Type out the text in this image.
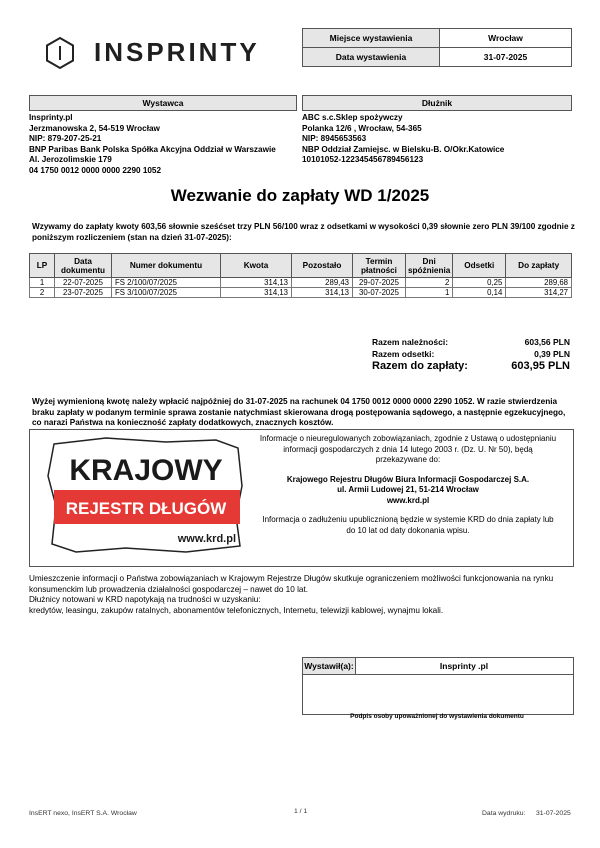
INSPRINTY	Miejsce wystawienia	Wrocław
Data wystawienia	31-07-2025
Wystawca
Insprinty.pl
Jerzmanowska 2, 54-519 Wrocław
NIP: 879-207-25-21
BNP Paribas Bank Polska Spółka Akcyjna Oddział w Warszawie
Al. Jerozolimskie 179
04 1750 0012 0000 0000 2290 1052
Dłużnik
ABC s.c.Sklep spożywczy
Polanka 12/6 , Wrocław, 54-365
NIP: 8945653563
NBP Oddział Zamiejsc. w Bielsku-B. O/Okr.Katowice
10101052-122345456789456123
Wezwanie do zapłaty WD 1/2025
Wzywamy do zapłaty kwoty 603,56 słownie sześćset trzy PLN 56/100 wraz z odsetkami w wysokości 0,39 słownie zero PLN 39/100 zgodnie z poniższym rozliczeniem (stan na dzień 31-07-2025):
LP	Data dokumentu	Numer dokumentu	Kwota	Pozostało	Termin płatności	Dni spóźnienia	Odsetki	Do zapłaty
1	22-07-2025	FS 2/100/07/2025	314,13	289,43	29-07-2025	2	0,25	289,68
2	23-07-2025	FS 3/100/07/2025	314,13	314,13	30-07-2025	1	0,14	314,27
Razem należności:	603,56 PLN
Razem odsetki:	0,39 PLN
Razem do zapłaty:	603,95 PLN
Wyżej wymienioną kwotę należy wpłacić najpóźniej do 31-07-2025 na rachunek 04 1750 0012 0000 0000 2290 1052. W razie stwierdzenia braku zapłaty w podanym terminie sprawa zostanie natychmiast skierowana drogą postępowania sądowego, a następnie egzekucyjnego, co narazi Państwa na konieczność zapłaty dodatkowych, znacznych kosztów.
KRAJOWY
REJESTR DŁUGÓW
www.krd.pl
Informacje o nieuregulowanych zobowiązaniach, zgodnie z Ustawą o udostępnianiu informacji gospodarczych z dnia 14 lutego 2003 r. (Dz. U. Nr 50), będą przekazywane do:
Krajowego Rejestru Długów Biura Informacji Gospodarczej S.A.
ul. Armii Ludowej 21, 51-214 Wrocław
www.krd.pl
Informacja o zadłużeniu upublicznioną będzie w systemie KRD do dnia zapłaty lub do 10 lat od daty dokonania wpisu.
Umieszczenie informacji o Państwa zobowiązaniach w Krajowym Rejestrze Długów skutkuje ograniczeniem możliwości funkcjonowania na rynku konsumenckim lub prowadzenia działalności gospodarczej – nawet do 10 lat.
Dłużnicy notowani w KRD napotykają na trudności w uzyskaniu:
kredytów, leasingu, zakupów ratalnych, abonamentów telefonicznych, Internetu, telewizji kablowej, wynajmu lokali.
Wystawił(a):	Insprinty .pl
Podpis osoby upoważnionej do wystawienia dokumentu
InsERT nexo, InsERT S.A. Wrocław	1 / 1	Data wydruku: 31-07-2025
